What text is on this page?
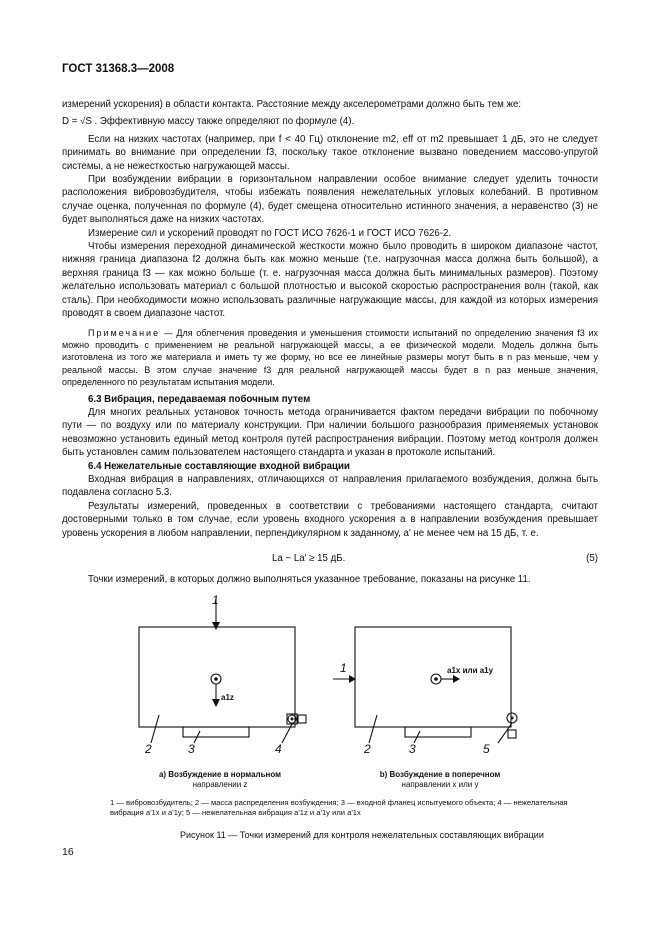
ГОСТ 31368.3—2008

измерений ускорения) в области контакта. Расстояние между акселерометрами должно быть тем же:

D = √S . Эффективную массу также определяют по формуле (4).

Если на низких частотах (например, при f < 40 Гц) отклонение m2, eff от m2 превышает 1 дБ, это не следует принимать во внимание при определении f3, поскольку такое отклонение вызвано поведением массово-упругой системы, а не нежесткостью нагружающей массы.

При возбуждении вибрации в горизонтальном направлении особое внимание следует уделить точности расположения вибровозбудителя, чтобы избежать появления нежелательных угловых колебаний. В противном случае оценка, полученная по формуле (4), будет смещена относительно истинного значения, а неравенство (3) не будет выполняться даже на низких частотах.

Измерение сил и ускорений проводят по ГОСТ ИСО 7626-1 и ГОСТ ИСО 7626-2.

Чтобы измерения переходной динамической жесткости можно было проводить в широком диапазоне частот, нижняя граница диапазона f2 должна быть как можно меньше (т.е. нагрузочная масса должна быть большой), а верхняя граница f3 — как можно больше (т. е. нагрузочная масса должна быть минимальных размеров). Поэтому желательно использовать материал с большой плотностью и высокой скоростью распространения волн (такой, как сталь). При необходимости можно использовать различные нагружающие массы, для каждой из которых измерения проводят в своем диапазоне частот.

Примечание — Для облегчения проведения и уменьшения стоимости испытаний по определению значения f3 их можно проводить с применением не реальной нагружающей массы, а ее физической модели. Модель должна быть изготовлена из того же материала и иметь ту же форму, но все ее линейные размеры могут быть в n раз меньше, чем у реальной массы. В этом случае значение f3 для реальной нагружающей массы будет в n раз меньше значения, определенного по результатам испытания модели.

6.3 Вибрация, передаваемая побочным путем

Для многих реальных установок точность метода ограничивается фактом передачи вибрации по побочному пути — по воздуху или по материалу конструкции. При наличии большого разнообразия применяемых установок невозможно установить единый метод контроля путей распространения вибрации. Поэтому метод контроля должен быть установлен самим пользователем настоящего стандарта и указан в протоколе испытаний.

6.4 Нежелательные составляющие входной вибрации

Входная вибрация в направлениях, отличающихся от направления прилагаемого возбуждения, должна быть подавлена согласно 5.3.

Результаты измерений, проведенных в соответствии с требованиями настоящего стандарта, считают достоверными только в том случае, если уровень входного ускорения a в направлении возбуждения превышает уровень ускорения в любом направлении, перпендикулярном к заданному, a' не менее чем на 15 дБ, т. е.

La − La' ≥ 15 дБ.	(5)
Точки измерений, в которых должно выполняться указанное требование, показаны на рисунке 11.
1
2	3	4
a1z
1
2	3	5
a1x или a1y
а) Возбуждение в нормальном
направлении z
b) Возбуждение в поперечном
направлении x или y
1 — вибровозбудитель; 2 — масса распределения возбуждения; 3 — входной фланец испытуемого объекта; 4 — нежелательная вибрация a'1x и a'1y; 5 — нежелательная вибрация a'1z и a'1y или a'1x
Рисунок 11 — Точки измерений для контроля нежелательных составляющих вибрации
16
